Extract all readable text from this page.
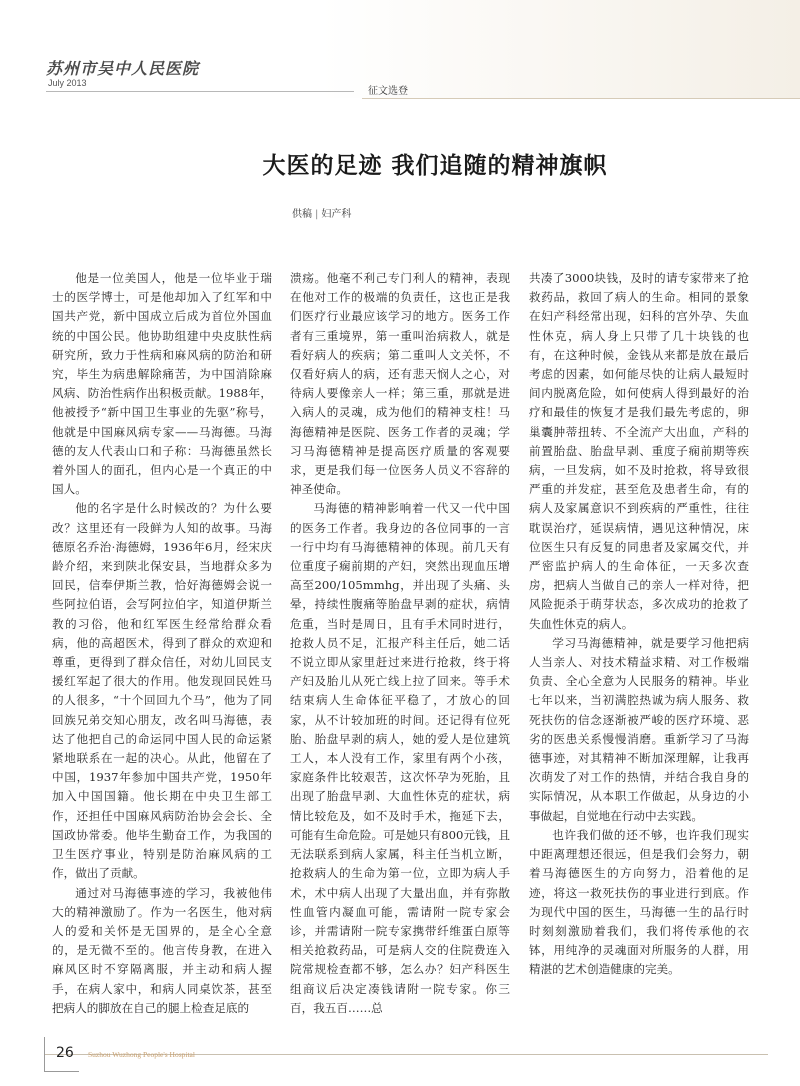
苏州市吴中人民医院
July 2013
征文选登
大医的足迹 我们追随的精神旗帜
供稿 | 妇产科

他是一位美国人，他是一位毕业于瑞士的医学博士，可是他却加入了红军和中国共产党，新中国成立后成为首位外国血统的中国公民。他协助组建中央皮肤性病研究所，致力于性病和麻风病的防治和研究，毕生为病患解除痛苦，为中国消除麻风病、防治性病作出积极贡献。1988年，他被授予“新中国卫生事业的先驱”称号，他就是中国麻风病专家——马海德。马海德的友人代表山口和子称：马海德虽然长着外国人的面孔，但内心是一个真正的中国人。

他的名字是什么时候改的？为什么要改？这里还有一段鲜为人知的故事。马海德原名乔治·海德姆，1936年6月，经宋庆龄介绍，来到陕北保安县，当地群众多为回民，信奉伊斯兰教，恰好海德姆会说一些阿拉伯语，会写阿拉伯字，知道伊斯兰教的习俗，他和红军医生经常给群众看病，他的高超医术，得到了群众的欢迎和尊重，更得到了群众信任，对幼儿回民支援红军起了很大的作用。他发现回民姓马的人很多，“十个回回九个马”，他为了同回族兄弟交知心朋友，改名叫马海德，表达了他把自己的命运同中国人民的命运紧紧地联系在一起的决心。从此，他留在了中国，1937年参加中国共产党，1950年加入中国国籍。他长期在中央卫生部工作，还担任中国麻风病防治协会会长、全国政协常委。他毕生勤奋工作，为我国的卫生医疗事业，特别是防治麻风病的工作，做出了贡献。

通过对马海德事迹的学习，我被他伟大的精神激励了。作为一名医生，他对病人的爱和关怀是无国界的，是全心全意的，是无微不至的。他言传身教，在进入麻风区时不穿隔离服，并主动和病人握手，在病人家中，和病人同桌饮茶，甚至把病人的脚放在自己的腿上检查足底的

溃疡。他毫不利己专门利人的精神，表现在他对工作的极端的负责任，这也正是我们医疗行业最应该学习的地方。医务工作者有三重境界，第一重叫治病救人，就是看好病人的疾病；第二重叫人文关怀，不仅看好病人的病，还有悲天悯人之心，对待病人要像亲人一样；第三重，那就是进入病人的灵魂，成为他们的精神支柱！马海德精神是医院、医务工作者的灵魂；学习马海德精神是提高医疗质量的客观要求，更是我们每一位医务人员义不容辞的神圣使命。

马海德的精神影响着一代又一代中国的医务工作者。我身边的各位同事的一言一行中均有马海德精神的体现。前几天有位重度子痫前期的产妇，突然出现血压增高至200/105mmhg，并出现了头痛、头晕，持续性腹痛等胎盘早剥的症状，病情危重，当时是周日，且有手术同时进行，抢救人员不足，汇报产科主任后，她二话不说立即从家里赶过来进行抢救，终于将产妇及胎儿从死亡线上拉了回来。等手术结束病人生命体征平稳了，才放心的回家，从不计较加班的时间。还记得有位死胎、胎盘早剥的病人，她的爱人是位建筑工人，本人没有工作，家里有两个小孩，家庭条件比较艰苦，这次怀孕为死胎，且出现了胎盘早剥、大血性休克的症状，病情比较危及，如不及时手术，拖延下去，可能有生命危险。可是她只有800元钱，且无法联系到病人家属，科主任当机立断，抢救病人的生命为第一位，立即为病人手术，术中病人出现了大量出血，并有弥散性血管内凝血可能，需请附一院专家会诊，并需请附一院专家携带纤维蛋白原等相关抢救药品，可是病人交的住院费连入院常规检查都不够，怎么办？妇产科医生组商议后决定凑钱请附一院专家。你三百，我五百……总

共凑了3000块钱，及时的请专家带来了抢救药品，救回了病人的生命。相同的景象在妇产科经常出现，妇科的宫外孕、失血性休克，病人身上只带了几十块钱的也有，在这种时候，金钱从来都是放在最后考虑的因素，如何能尽快的让病人最短时间内脱离危险，如何使病人得到最好的治疗和最佳的恢复才是我们最先考虑的，卵巢囊肿蒂扭转、不全流产大出血，产科的前置胎盘、胎盘早剥、重度子痫前期等疾病，一旦发病，如不及时抢救，将导致很严重的并发症，甚至危及患者生命，有的病人及家属意识不到疾病的严重性，往往耽误治疗，延误病情，遇见这种情况，床位医生只有反复的同患者及家属交代，并严密监护病人的生命体征，一天多次查房，把病人当做自己的亲人一样对待，把风险扼杀于萌芽状态，多次成功的抢救了失血性休克的病人。

学习马海德精神，就是要学习他把病人当亲人、对技术精益求精、对工作极端负责、全心全意为人民服务的精神。毕业七年以来，当初满腔热诚为病人服务、救死扶伤的信念逐渐被严峻的医疗环境、恶劣的医患关系慢慢消磨。重新学习了马海德事迹，对其精神不断加深理解，让我再次萌发了对工作的热情，并结合我自身的实际情况，从本职工作做起，从身边的小事做起，自觉地在行动中去实践。

也许我们做的还不够，也许我们现实中距离理想还很远，但是我们会努力，朝着马海德医生的方向努力，沿着他的足迹，将这一救死扶伤的事业进行到底。作为现代中国的医生，马海德一生的品行时时刻刻激励着我们，我们将传承他的衣钵，用纯净的灵魂面对所服务的人群，用精湛的艺术创造健康的完美。

26 Suzhou Wuzhong People's Hospital
